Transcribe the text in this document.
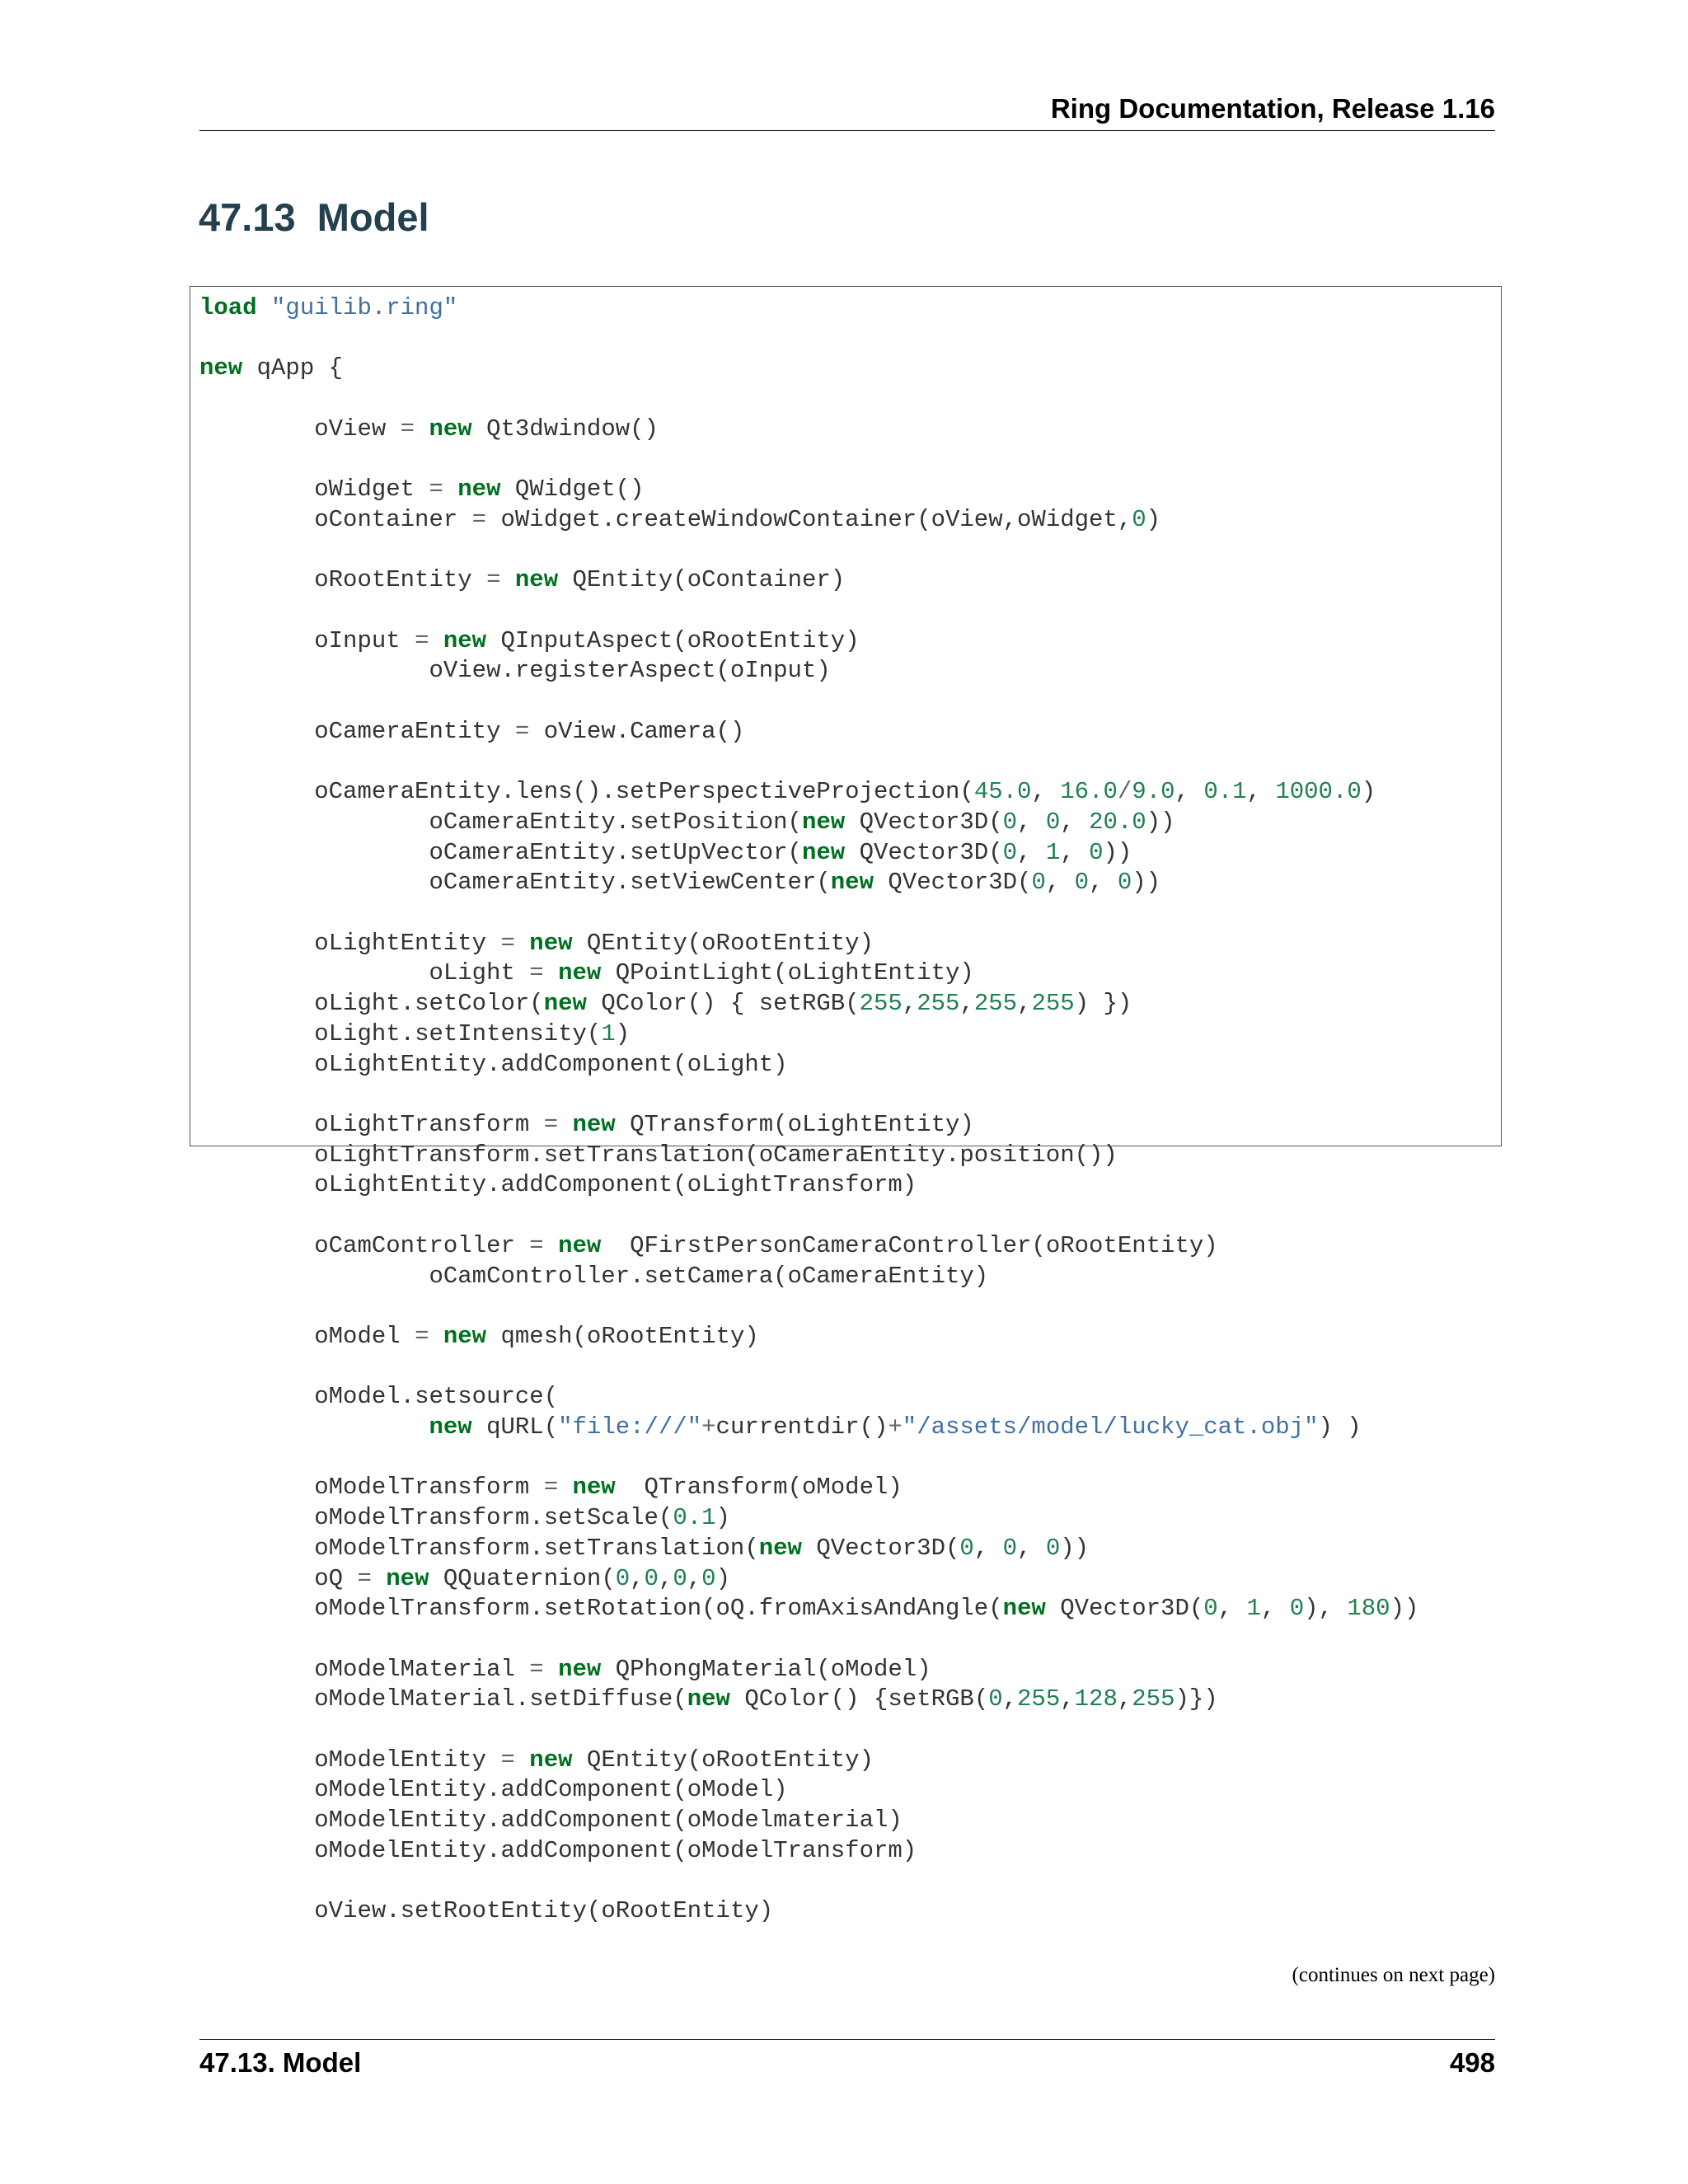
Ring Documentation, Release 1.16
47.13 Model
load "guilib.ring"

new qApp {

oView = new Qt3dwindow()

oWidget = new QWidget()
oContainer = oWidget.createWindowContainer(oView,oWidget,0)

oRootEntity = new QEntity(oContainer)

oInput = new QInputAspect(oRootEntity)
oView.registerAspect(oInput)

oCameraEntity = oView.Camera()

oCameraEntity.lens().setPerspectiveProjection(45.0, 16.0/9.0, 0.1, 1000.0)
oCameraEntity.setPosition(new QVector3D(0, 0, 20.0))
oCameraEntity.setUpVector(new QVector3D(0, 1, 0))
oCameraEntity.setViewCenter(new QVector3D(0, 0, 0))

oLightEntity = new QEntity(oRootEntity)
oLight = new QPointLight(oLightEntity)
oLight.setColor(new QColor() { setRGB(255,255,255,255) })
oLight.setIntensity(1)
oLightEntity.addComponent(oLight)

oLightTransform = new QTransform(oLightEntity)
oLightTransform.setTranslation(oCameraEntity.position())
oLightEntity.addComponent(oLightTransform)

oCamController = new QFirstPersonCameraController(oRootEntity)
oCamController.setCamera(oCameraEntity)

oModel = new qmesh(oRootEntity)

oModel.setsource(
new qURL("file:///"+currentdir()+"/assets/model/lucky_cat.obj") )

oModelTransform = new QTransform(oModel)
oModelTransform.setScale(0.1)
oModelTransform.setTranslation(new QVector3D(0, 0, 0))
oQ = new QQuaternion(0,0,0,0)
oModelTransform.setRotation(oQ.fromAxisAndAngle(new QVector3D(0, 1, 0), 180))

oModelMaterial = new QPhongMaterial(oModel)
oModelMaterial.setDiffuse(new QColor() {setRGB(0,255,128,255)})

oModelEntity = new QEntity(oRootEntity)
oModelEntity.addComponent(oModel)
oModelEntity.addComponent(oModelmaterial)
oModelEntity.addComponent(oModelTransform)

oView.setRootEntity(oRootEntity)
(continues on next page)
47.13. Model	498
